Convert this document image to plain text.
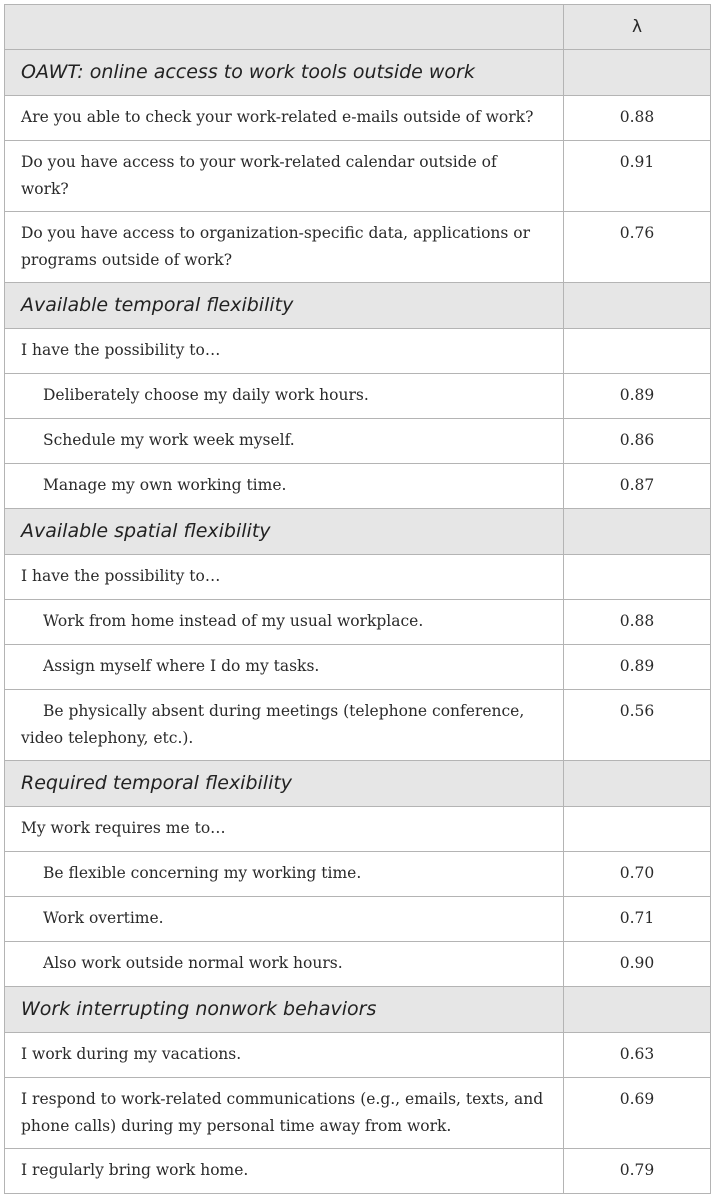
	λ
OAWT: online access to work tools outside work	
Are you able to check your work-related e-mails outside of work?	0.88
Do you have access to your work-related calendar outside of work?	0.91
Do you have access to organization-specific data, applications or programs outside of work?	0.76
Available temporal flexibility	
I have the possibility to…	
Deliberately choose my daily work hours.	0.89
Schedule my work week myself.	0.86
Manage my own working time.	0.87
Available spatial flexibility	
I have the possibility to…	
Work from home instead of my usual workplace.	0.88
Assign myself where I do my tasks.	0.89
Be physically absent during meetings (telephone conference, video telephony, etc.).	0.56
Required temporal flexibility	
My work requires me to…	
Be flexible concerning my working time.	0.70
Work overtime.	0.71
Also work outside normal work hours.	0.90
Work interrupting nonwork behaviors	
I work during my vacations.	0.63
I respond to work-related communications (e.g., emails, texts, and phone calls) during my personal time away from work.	0.69
I regularly bring work home.	0.79
